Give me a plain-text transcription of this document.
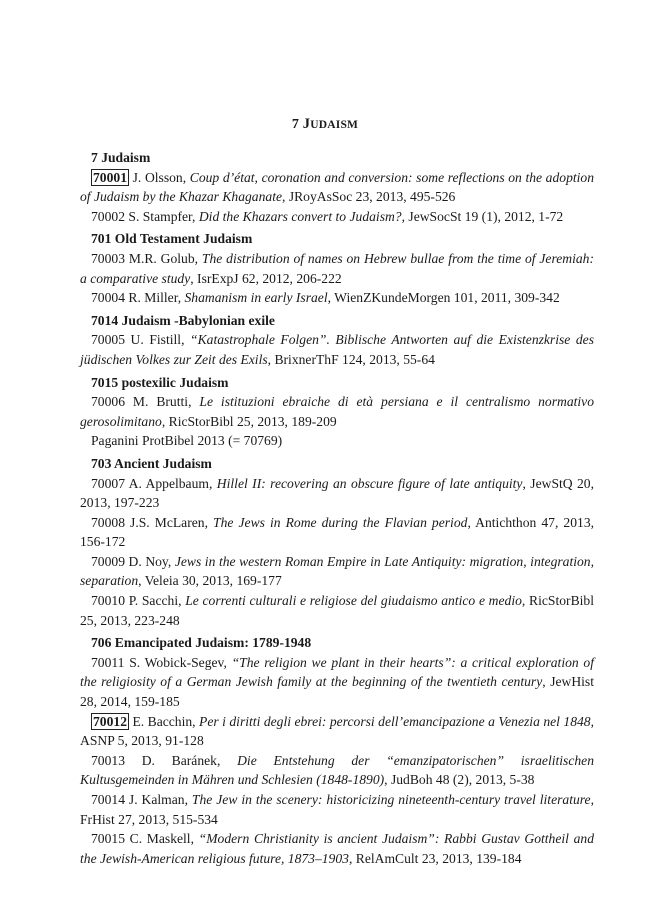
7 JUDAISM

7 Judaism

70001 J. Olsson, Coup d’état, coronation and conversion: some reflections on the adoption of Judaism by the Khazar Khaganate, JRoyAsSoc 23, 2013, 495-526

70002 S. Stampfer, Did the Khazars convert to Judaism?, JewSocSt 19 (1), 2012, 1-72

701 Old Testament Judaism

70003 M.R. Golub, The distribution of names on Hebrew bullae from the time of Jeremiah: a comparative study, IsrExpJ 62, 2012, 206-222

70004 R. Miller, Shamanism in early Israel, WienZKundeMorgen 101, 2011, 309-342

7014 Judaism -Babylonian exile

70005 U. Fistill, “Katastrophale Folgen”. Biblische Antworten auf die Existenzkrise des jüdischen Volkes zur Zeit des Exils, BrixnerThF 124, 2013, 55-64

7015 postexilic Judaism

70006 M. Brutti, Le istituzioni ebraiche di età persiana e il centralismo normativo gerosolimitano, RicStorBibl 25, 2013, 189-209

Paganini ProtBibel 2013 (= 70769)

703 Ancient Judaism

70007 A. Appelbaum, Hillel II: recovering an obscure figure of late antiquity, JewStQ 20, 2013, 197-223

70008 J.S. McLaren, The Jews in Rome during the Flavian period, Antichthon 47, 2013, 156-172

70009 D. Noy, Jews in the western Roman Empire in Late Antiquity: migration, integration, separation, Veleia 30, 2013, 169-177

70010 P. Sacchi, Le correnti culturali e religiose del giudaismo antico e medio, RicStorBibl 25, 2013, 223-248

706 Emancipated Judaism: 1789-1948

70011 S. Wobick-Segev, “The religion we plant in their hearts”: a critical exploration of the religiosity of a German Jewish family at the beginning of the twentieth century, JewHist 28, 2014, 159-185

70012 E. Bacchin, Per i diritti degli ebrei: percorsi dell’emancipazione a Venezia nel 1848, ASNP 5, 2013, 91-128

70013 D. Baránek, Die Entstehung der “emanzipatorischen” israelitischen Kultusgemeinden in Mähren und Schlesien (1848-1890), JudBoh 48 (2), 2013, 5-38

70014 J. Kalman, The Jew in the scenery: historicizing nineteenth-century travel literature, FrHist 27, 2013, 515-534

70015 C. Maskell, “Modern Christianity is ancient Judaism”: Rabbi Gustav Gottheil and the Jewish-American religious future, 1873–1903, RelAmCult 23, 2013, 139-184
